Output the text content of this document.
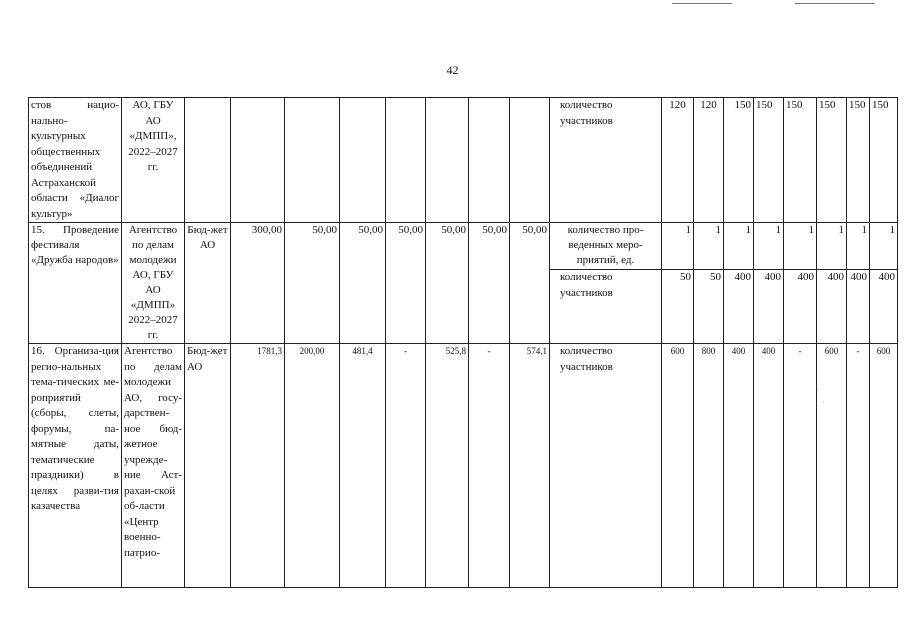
42
стов нацио-нально-культурных общественных объединений Астраханской области «Диалог культур»	АО, ГБУ АО «ДМПП», 2022–2027 гг.									количество участников	120	120	150	150	150	150	150	150
15. Проведение фестиваля «Дружба народов»	Агентство по делам молодежи АО, ГБУ АО «ДМПП» 2022–2027 гг.	Бюд-жет АО	300,00	50,00	50,00	50,00	50,00	50,00	50,00	количество про-веденных меро-приятий, ед.	1	1	1	1	1	1	1	1
										количество участников	50	50	400	400	400	400	400	400
16. Организа-ция регио-нальных тема-тических ме-роприятий (сборы, слеты, форумы, па-мятные даты, тематические праздники) в целях разви-тия казачества	Агентство по делам молодежи АО, госу-дарствен-ное бюд-жетное учрежде-ние Аст-рахан-ской об-ласти «Центр военно-патрио-	Бюд-жет АО	1781,3	200,00	481,4	-	525,8	-	574,1	количество участников	600	800	400	400	-	600	-	600
·
·
